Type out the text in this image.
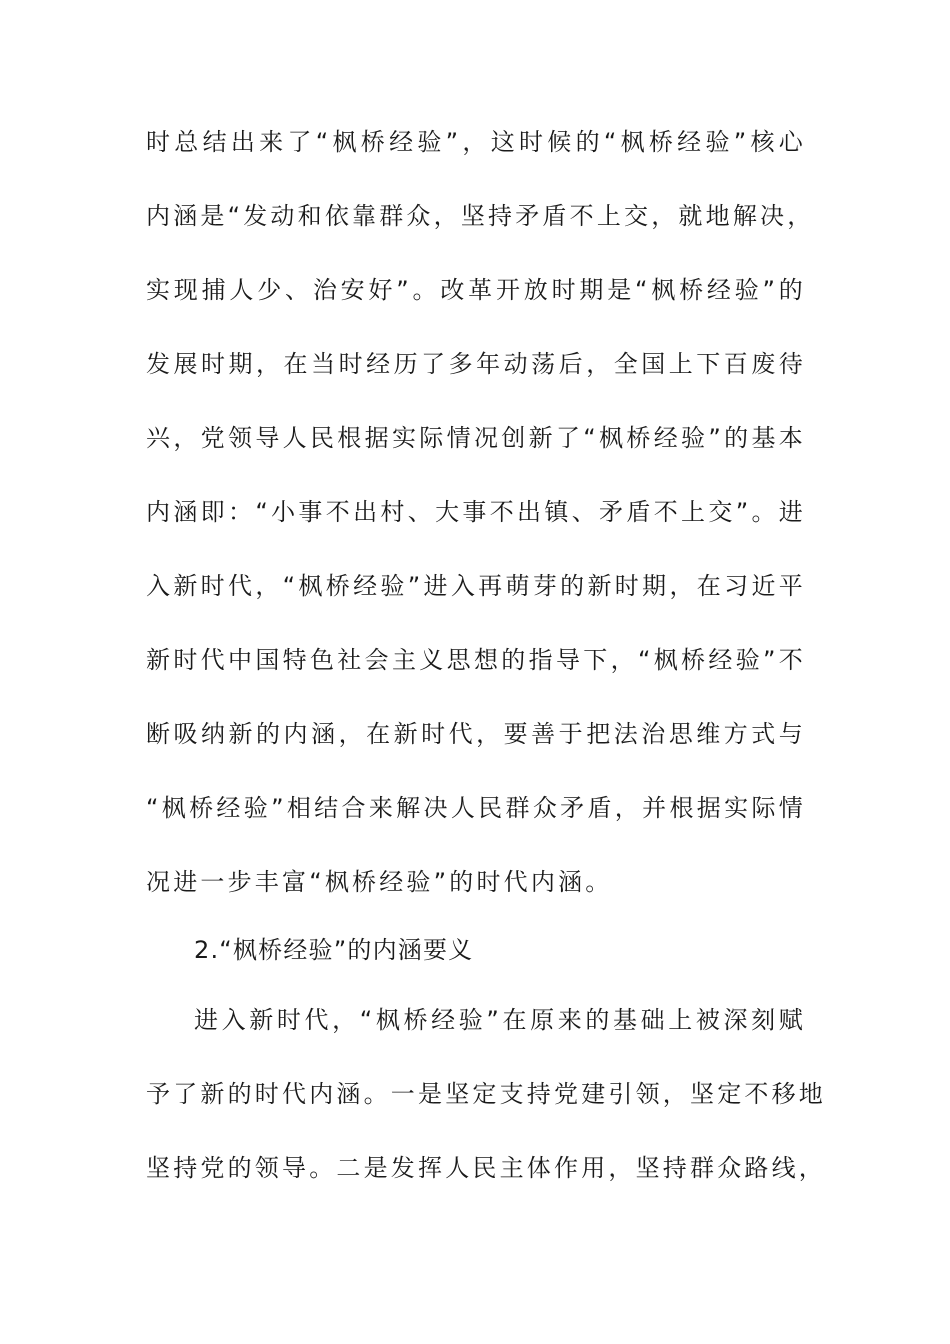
时总结出来了“枫桥经验”，这时候的“枫桥经验”核心
内涵是“发动和依靠群众，坚持矛盾不上交，就地解决，
实现捕人少、治安好”。改革开放时期是“枫桥经验”的
发展时期，在当时经历了多年动荡后，全国上下百废待
兴，党领导人民根据实际情况创新了“枫桥经验”的基本
内涵即：“小事不出村、大事不出镇、矛盾不上交”。进
入新时代，“枫桥经验”进入再萌芽的新时期，在习近平
新时代中国特色社会主义思想的指导下，“枫桥经验”不
断吸纳新的内涵，在新时代，要善于把法治思维方式与
“枫桥经验”相结合来解决人民群众矛盾，并根据实际情
况进一步丰富“枫桥经验”的时代内涵。
2.“枫桥经验”的内涵要义
进入新时代，“枫桥经验”在原来的基础上被深刻赋
予了新的时代内涵。一是坚定支持党建引领，坚定不移地
坚持党的领导。二是发挥人民主体作用，坚持群众路线，
